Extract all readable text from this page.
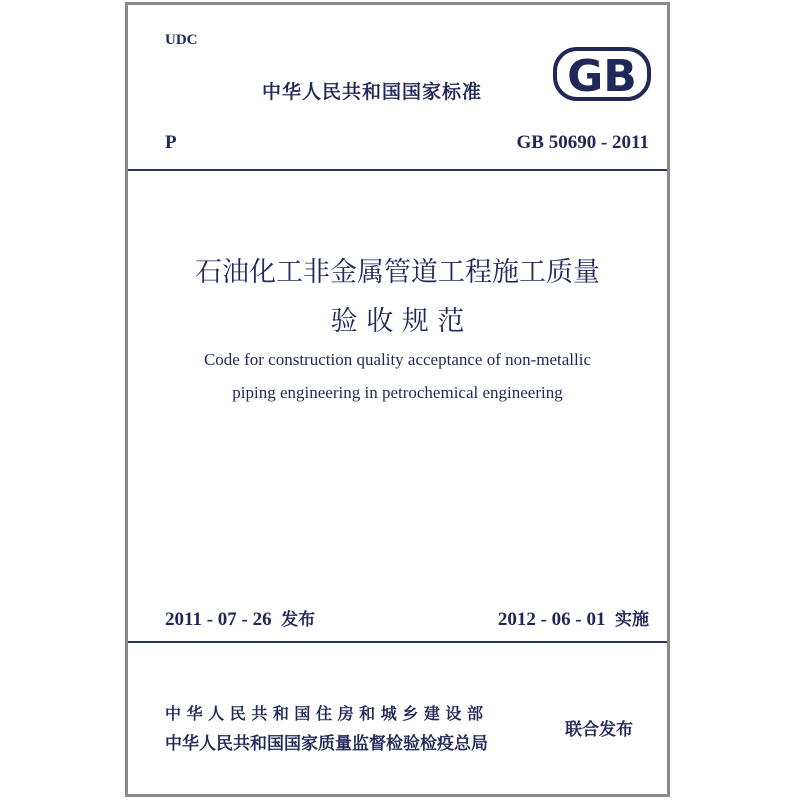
UDC
中华人民共和国国家标准 GB
P	GB 50690 - 2011
石油化工非金属管道工程施工质量
验 收 规 范
Code for construction quality acceptance of non-metallic
piping engineering in petrochemical engineering
2011 - 07 - 26 发布	2012 - 06 - 01 实施
中 华 人 民 共 和 国 住 房 和 城 乡 建 设 部
中华人民共和国国家质量监督检验检疫总局
联合发布
